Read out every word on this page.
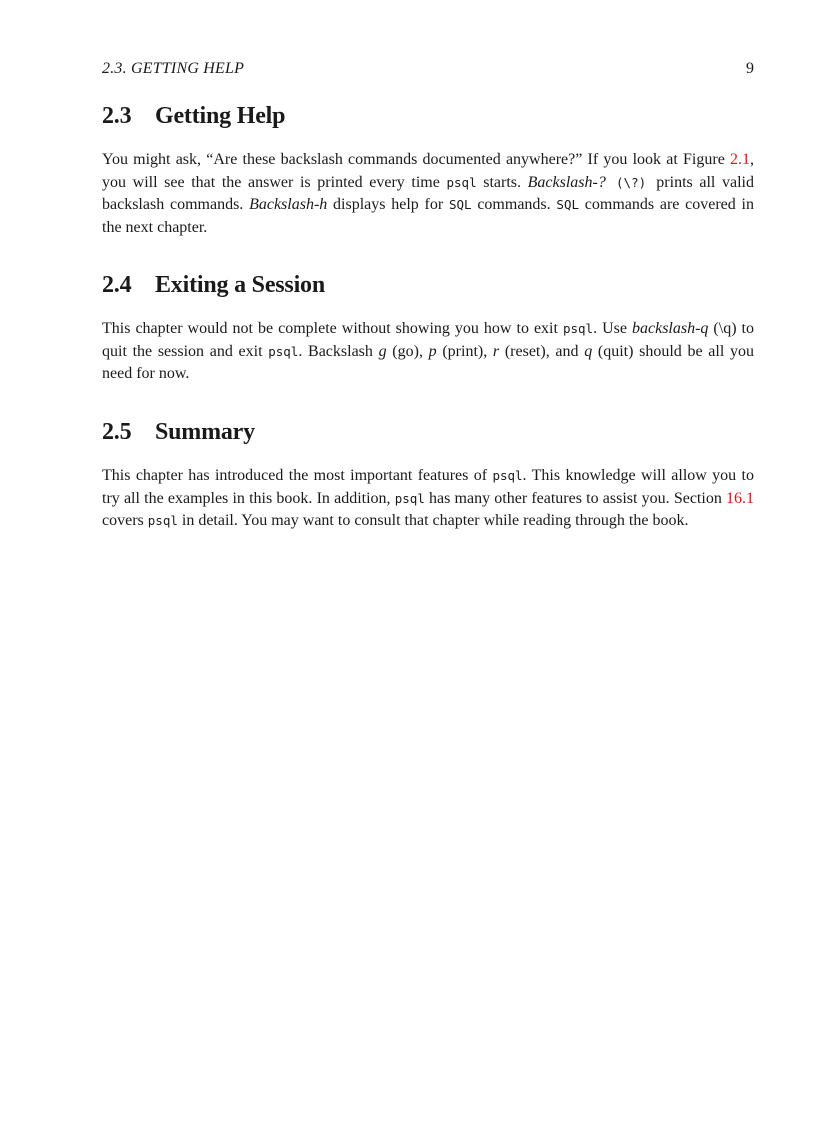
2.3. GETTING HELP	9
2.3 Getting Help

You might ask, “Are these backslash commands documented anywhere?” If you look at Figure 2.1, you will see that the answer is printed every time psql starts. Backslash-? (\?) prints all valid backslash commands. Backslash-h displays help for SQL commands. SQL commands are covered in the next chapter.

2.4 Exiting a Session

This chapter would not be complete without showing you how to exit psql. Use backslash-q (\q) to quit the session and exit psql. Backslash g (go), p (print), r (reset), and q (quit) should be all you need for now.

2.5 Summary

This chapter has introduced the most important features of psql. This knowledge will allow you to try all the examples in this book. In addition, psql has many other features to assist you. Section 16.1 covers psql in detail. You may want to consult that chapter while reading through the book.
